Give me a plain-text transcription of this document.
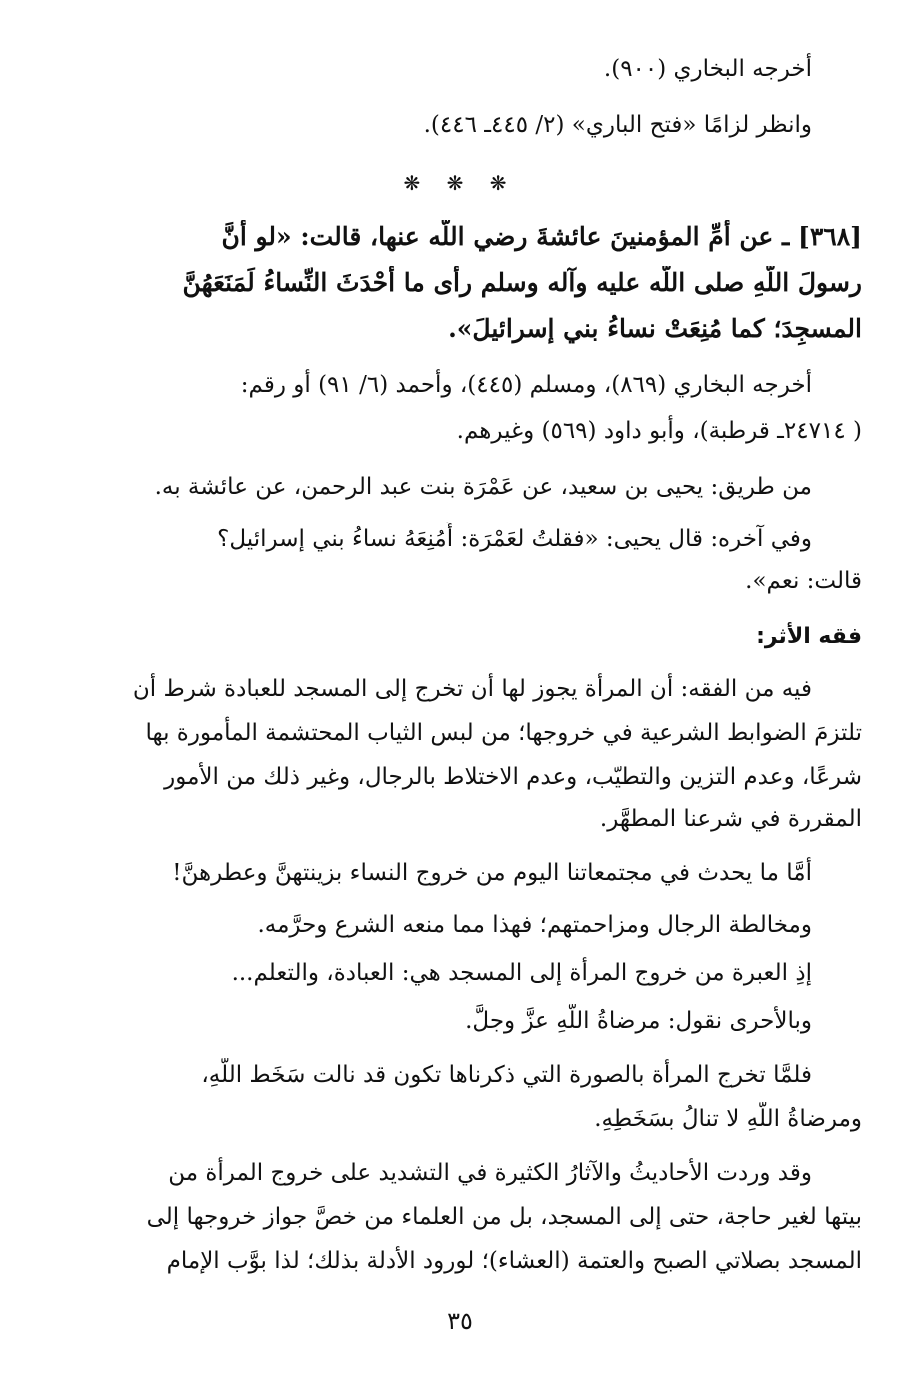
أخرجه البخاري (٩٠٠).
وانظر لزامًا «فتح الباري» (٢/ ٤٤٥ـ ٤٤٦).
❋ ❋ ❋
[٣٦٨] ـ عن أمِّ المؤمنينَ عائشةَ رضي اللَّه عنها، قالت: «لو أنَّ
رسولَ اللَّهِ صلى اللَّه عليه وآله وسلم رأى ما أَحْدَثَ النِّساءُ لَمَنَعَهُنَّ
المسجِدَ؛ كما مُنِعَتْ نساءُ بني إسرائيلَ».
أخرجه البخاري (٨٦٩)، ومسلم (٤٤٥)، وأحمد (٦/ ٩١) أو رقم:
( ٢٤٧١٤ـ قرطبة)، وأبو داود (٥٦٩) وغيرهم.
من طريق: يحيى بن سعيد، عن عَمْرَة بنت عبد الرحمن، عن عائشة به.
وفي آخره: قال يحيى: «فقلتُ لعَمْرَة: أَمُنِعَهُ نساءُ بني إسرائيل؟
قالت: نعم».
فقه الأثر:
فيه من الفقه: أن المرأة يجوز لها أن تخرج إلى المسجد للعبادة شرط أن
تلتزمَ الضوابط الشرعية في خروجها؛ من لبس الثياب المحتشمة المأمورة بها
شرعًا، وعدم التزين والتطيّب، وعدم الاختلاط بالرجال، وغير ذلك من الأمور
المقررة في شرعنا المطهَّر.
أمَّا ما يحدث في مجتمعاتنا اليوم من خروج النساء بزينتهنَّ وعطرهنَّ!
ومخالطة الرجال ومزاحمتهم؛ فهذا مما منعه الشرع وحرَّمه.
إذِ العبرة من خروج المرأة إلى المسجد هي: العبادة، والتعلم...
وبالأحرى نقول: مرضاةُ اللَّهِ عزَّ وجلَّ.
فلمَّا تخرج المرأة بالصورة التي ذكرناها تكون قد نالت سَخَط اللَّهِ،
ومرضاةُ اللَّهِ لا تنالُ بسَخَطِهِ.
وقد وردت الأحاديثُ والآثارُ الكثيرة في التشديد على خروج المرأة من
بيتها لغير حاجة، حتى إلى المسجد، بل من العلماء من خصَّ جواز خروجها إلى
المسجد بصلاتي الصبح والعتمة (العشاء)؛ لورود الأدلة بذلك؛ لذا بوَّب الإمام
٣٥
